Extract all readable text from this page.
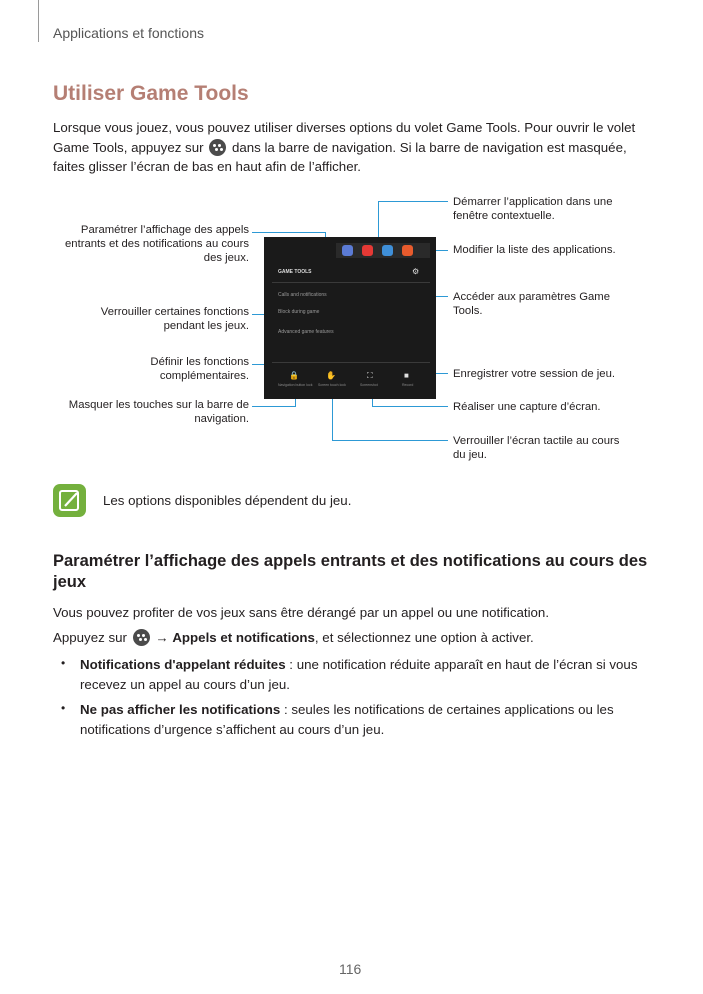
Applications et fonctions
Utiliser Game Tools
Lorsque vous jouez, vous pouvez utiliser diverses options du volet Game Tools. Pour ouvrir le volet Game Tools, appuyez sur dans la barre de navigation. Si la barre de navigation est masquée, faites glisser l’écran de bas en haut afin de l’afficher.
Paramétrer l’affichage des appels entrants et des notifications au cours des jeux.
Verrouiller certaines fonctions pendant les jeux.
Définir les fonctions complémentaires.
Masquer les touches sur la barre de navigation.
Démarrer l’application dans une fenêtre contextuelle.
Modifier la liste des applications.
Accéder aux paramètres Game Tools.
Enregistrer votre session de jeu.
Réaliser une capture d’écran.
Verrouiller l’écran tactile au cours du jeu.
GAME TOOLS	⚙
Calls and notifications
Block during game
Advanced game features
🔒	✋	⛶	■
Navigation button lock Screen touch lock	Screenshot	Record
Les options disponibles dépendent du jeu.
Paramétrer l’affichage des appels entrants et des notifications au cours des jeux
Vous pouvez profiter de vos jeux sans être dérangé par un appel ou une notification.
Appuyez sur → Appels et notifications, et sélectionnez une option à activer.
• Notifications d'appelant réduites : une notification réduite apparaît en haut de l’écran si vous recevez un appel au cours d’un jeu.
• Ne pas afficher les notifications : seules les notifications de certaines applications ou les notifications d’urgence s’affichent au cours d’un jeu.
116
